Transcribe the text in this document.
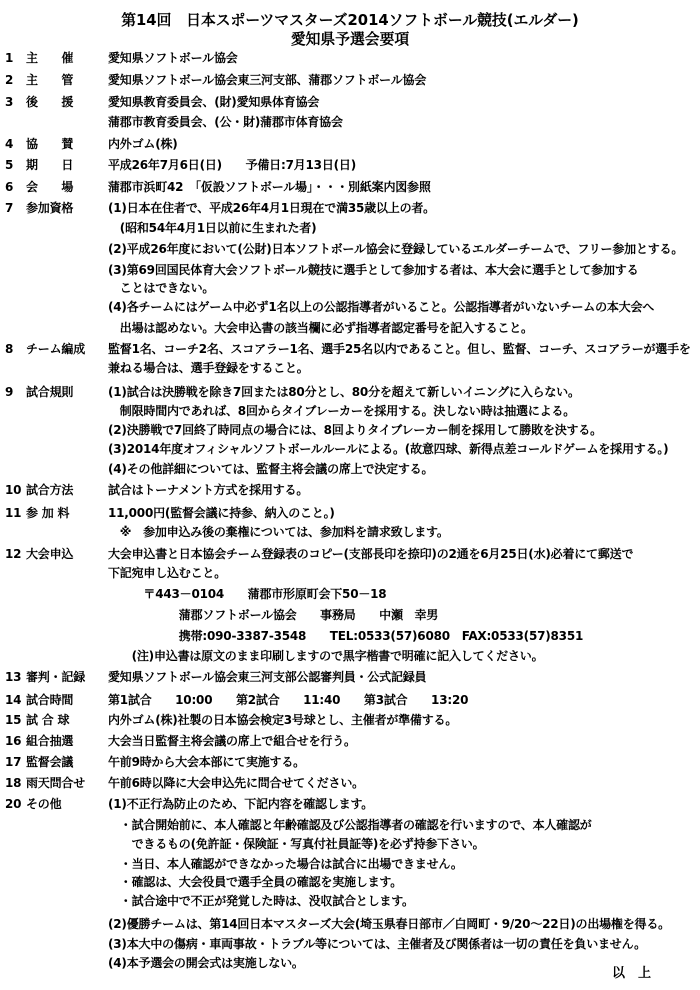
第14回　日本スポーツマスターズ2014ソフトボール競技(エルダー)
愛知県予選会要項
1	主　　催	愛知県ソフトボール協会
2	主　　管	愛知県ソフトボール協会東三河支部、蒲郡ソフトボール協会
3	後　　援	愛知県教育委員会、(財)愛知県体育協会
蒲郡市教育委員会、(公・財)蒲郡市体育協会
4	協　　賛	内外ゴム(株)
5	期　　日	平成26年7月6日(日)　　予備日:7月13日(日)
6	会　　場	蒲郡市浜町42　「仮設ソフトボール場」・・・別紙案内図参照
7	参加資格	(1)日本在住者で、平成26年4月1日現在で満35歳以上の者。
　(昭和54年4月1日以前に生まれた者)
(2)平成26年度において(公財)日本ソフトボール協会に登録しているエルダーチームで、フリー参加とする。
(3)第69回国民体育大会ソフトボール競技に選手として参加する者は、本大会に選手として参加する
　ことはできない。
(4)各チームにはゲーム中必ず1名以上の公認指導者がいること。公認指導者がいないチームの本大会へ
　出場は認めない。大会申込書の該当欄に必ず指導者認定番号を記入すること。
8	チーム編成	監督1名、コーチ2名、スコアラー1名、選手25名以内であること。但し、監督、コーチ、スコアラーが選手を
兼ねる場合は、選手登録をすること。
9	試合規則	(1)試合は決勝戦を除き7回または80分とし、80分を超えて新しいイニングに入らない。
　制限時間内であれば、8回からタイブレーカーを採用する。決しない時は抽選による。
(2)決勝戦で7回終了時同点の場合には、8回よりタイブレーカー制を採用して勝敗を決する。
(3)2014年度オフィシャルソフトボールルールによる。(故意四球、新得点差コールドゲームを採用する。)
(4)その他詳細については、監督主将会議の席上で決定する。
10 試合方法	試合はトーナメント方式を採用する。
11 参 加 料	11,000円(監督会議に持参、納入のこと。)
　※　参加申込み後の棄権については、参加料を請求致します。
12 大会申込	大会申込書と日本協会チーム登録表のコピー(支部長印を捺印)の2通を6月25日(水)必着にて郵送で
下記宛申し込むこと。
　　　〒443－0104　　蒲郡市形原町会下50－18
　　　　　　蒲郡ソフトボール協会　　事務局　　中瀬　幸男
　　　　　　携帯:090-3387-3548　　TEL:0533(57)6080　FAX:0533(57)8351
　　(注)申込書は原文のまま印刷しますので黒字楷書で明確に記入してください。
13 審判・記録	愛知県ソフトボール協会東三河支部公認審判員・公式記録員
14 試合時間	第1試合　　10:00　　第2試合　　11:40　　第3試合　　13:20
15 試 合 球	内外ゴム(株)社製の日本協会検定3号球とし、主催者が準備する。
16 組合抽選	大会当日監督主将会議の席上で組合せを行う。
17 監督会議	午前9時から大会本部にて実施する。
18 雨天問合せ	午前6時以降に大会申込先に問合せてください。
20 その他	(1)不正行為防止のため、下記内容を確認します。
　・試合開始前に、本人確認と年齢確認及び公認指導者の確認を行いますので、本人確認が
　　できるもの(免許証・保険証・写真付社員証等)を必ず持参下さい。
　・当日、本人確認ができなかった場合は試合に出場できません。
　・確認は、大会役員で選手全員の確認を実施します。
　・試合途中で不正が発覚した時は、没収試合とします。
(2)優勝チームは、第14回日本マスターズ大会(埼玉県春日部市／白岡町・9/20～22日)の出場権を得る。
(3)本大中の傷病・車両事故・トラブル等については、主催者及び関係者は一切の責任を負いません。
(4)本予選会の開会式は実施しない。
以　上
